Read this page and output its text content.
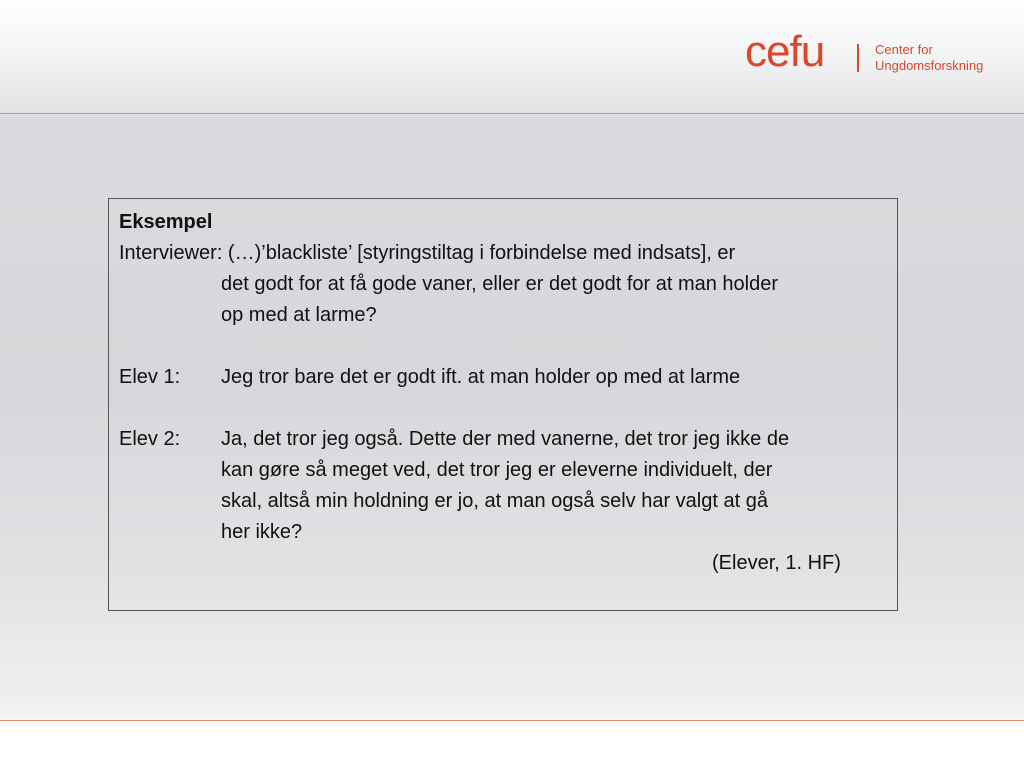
cefu	Center for
Ungdomsforskning
Eksempel
Interviewer: (…)’blackliste’ [styringstiltag i forbindelse med indsats], er
det godt for at få gode vaner, eller er det godt for at man holder
op med at larme?
Elev 1: Jeg tror bare det er godt ift. at man holder op med at larme
Elev 2: Ja, det tror jeg også. Dette der med vanerne, det tror jeg ikke de
kan gøre så meget ved, det tror jeg er eleverne individuelt, der
skal, altså min holdning er jo, at man også selv har valgt at gå
her ikke?
(Elever, 1. HF)
